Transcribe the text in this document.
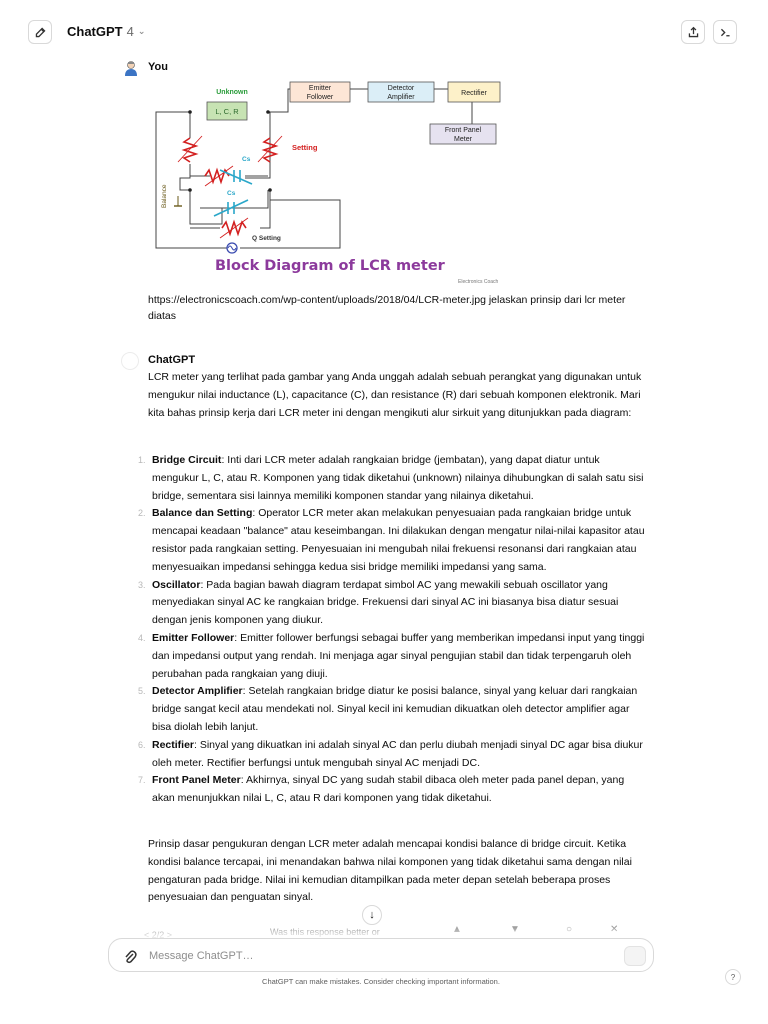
ChatGPT 4 ⌄
You
L, C, R
Unknown
Emitter
Follower
Detector
Amplifier
Rectifier
Front Panel
Meter
Cs
Cs
Balance
Setting
Q Setting
Block Diagram of LCR meter
Electronics Coach
https://electronicscoach.com/wp-content/uploads/2018/04/LCR-meter.jpg jelaskan prinsip dari lcr meter diatas
ChatGPT
LCR meter yang terlihat pada gambar yang Anda unggah adalah sebuah perangkat yang digunakan untuk mengukur nilai inductance (L), capacitance (C), dan resistance (R) dari sebuah komponen elektronik. Mari kita bahas prinsip kerja dari LCR meter ini dengan mengikuti alur sirkuit yang ditunjukkan pada diagram:
1. Bridge Circuit: Inti dari LCR meter adalah rangkaian bridge (jembatan), yang dapat diatur untuk mengukur L, C, atau R. Komponen yang tidak diketahui (unknown) nilainya dihubungkan di salah satu sisi bridge, sementara sisi lainnya memiliki komponen standar yang nilainya diketahui.
2. Balance dan Setting: Operator LCR meter akan melakukan penyesuaian pada rangkaian bridge untuk mencapai keadaan "balance" atau keseimbangan. Ini dilakukan dengan mengatur nilai-nilai kapasitor atau resistor pada rangkaian setting. Penyesuaian ini mengubah nilai frekuensi resonansi dari rangkaian atau menyesuaikan impedansi sehingga kedua sisi bridge memiliki impedansi yang sama.
3. Oscillator: Pada bagian bawah diagram terdapat simbol AC yang mewakili sebuah oscillator yang menyediakan sinyal AC ke rangkaian bridge. Frekuensi dari sinyal AC ini biasanya bisa diatur sesuai dengan jenis komponen yang diukur.
4. Emitter Follower: Emitter follower berfungsi sebagai buffer yang memberikan impedansi input yang tinggi dan impedansi output yang rendah. Ini menjaga agar sinyal pengujian stabil dan tidak terpengaruh oleh perubahan pada rangkaian yang diuji.
5. Detector Amplifier: Setelah rangkaian bridge diatur ke posisi balance, sinyal yang keluar dari rangkaian bridge sangat kecil atau mendekati nol. Sinyal kecil ini kemudian dikuatkan oleh detector amplifier agar bisa diolah lebih lanjut.
6. Rectifier: Sinyal yang dikuatkan ini adalah sinyal AC dan perlu diubah menjadi sinyal DC agar bisa diukur oleh meter. Rectifier berfungsi untuk mengubah sinyal AC menjadi DC.
7. Front Panel Meter: Akhirnya, sinyal DC yang sudah stabil dibaca oleh meter pada panel depan, yang akan menunjukkan nilai L, C, atau R dari komponen yang tidak diketahui.
Prinsip dasar pengukuran dengan LCR meter adalah mencapai kondisi balance di bridge circuit. Ketika kondisi balance tercapai, ini menandakan bahwa nilai komponen yang tidak diketahui sama dengan nilai pengaturan pada bridge. Nilai ini kemudian ditampilkan pada meter depan setelah beberapa proses penyesuaian dan penguatan sinyal.
↓
< 2/2 >	Was this response better or	▲	▼	○	✕
Message ChatGPT…
ChatGPT can make mistakes. Consider checking important information.	?
